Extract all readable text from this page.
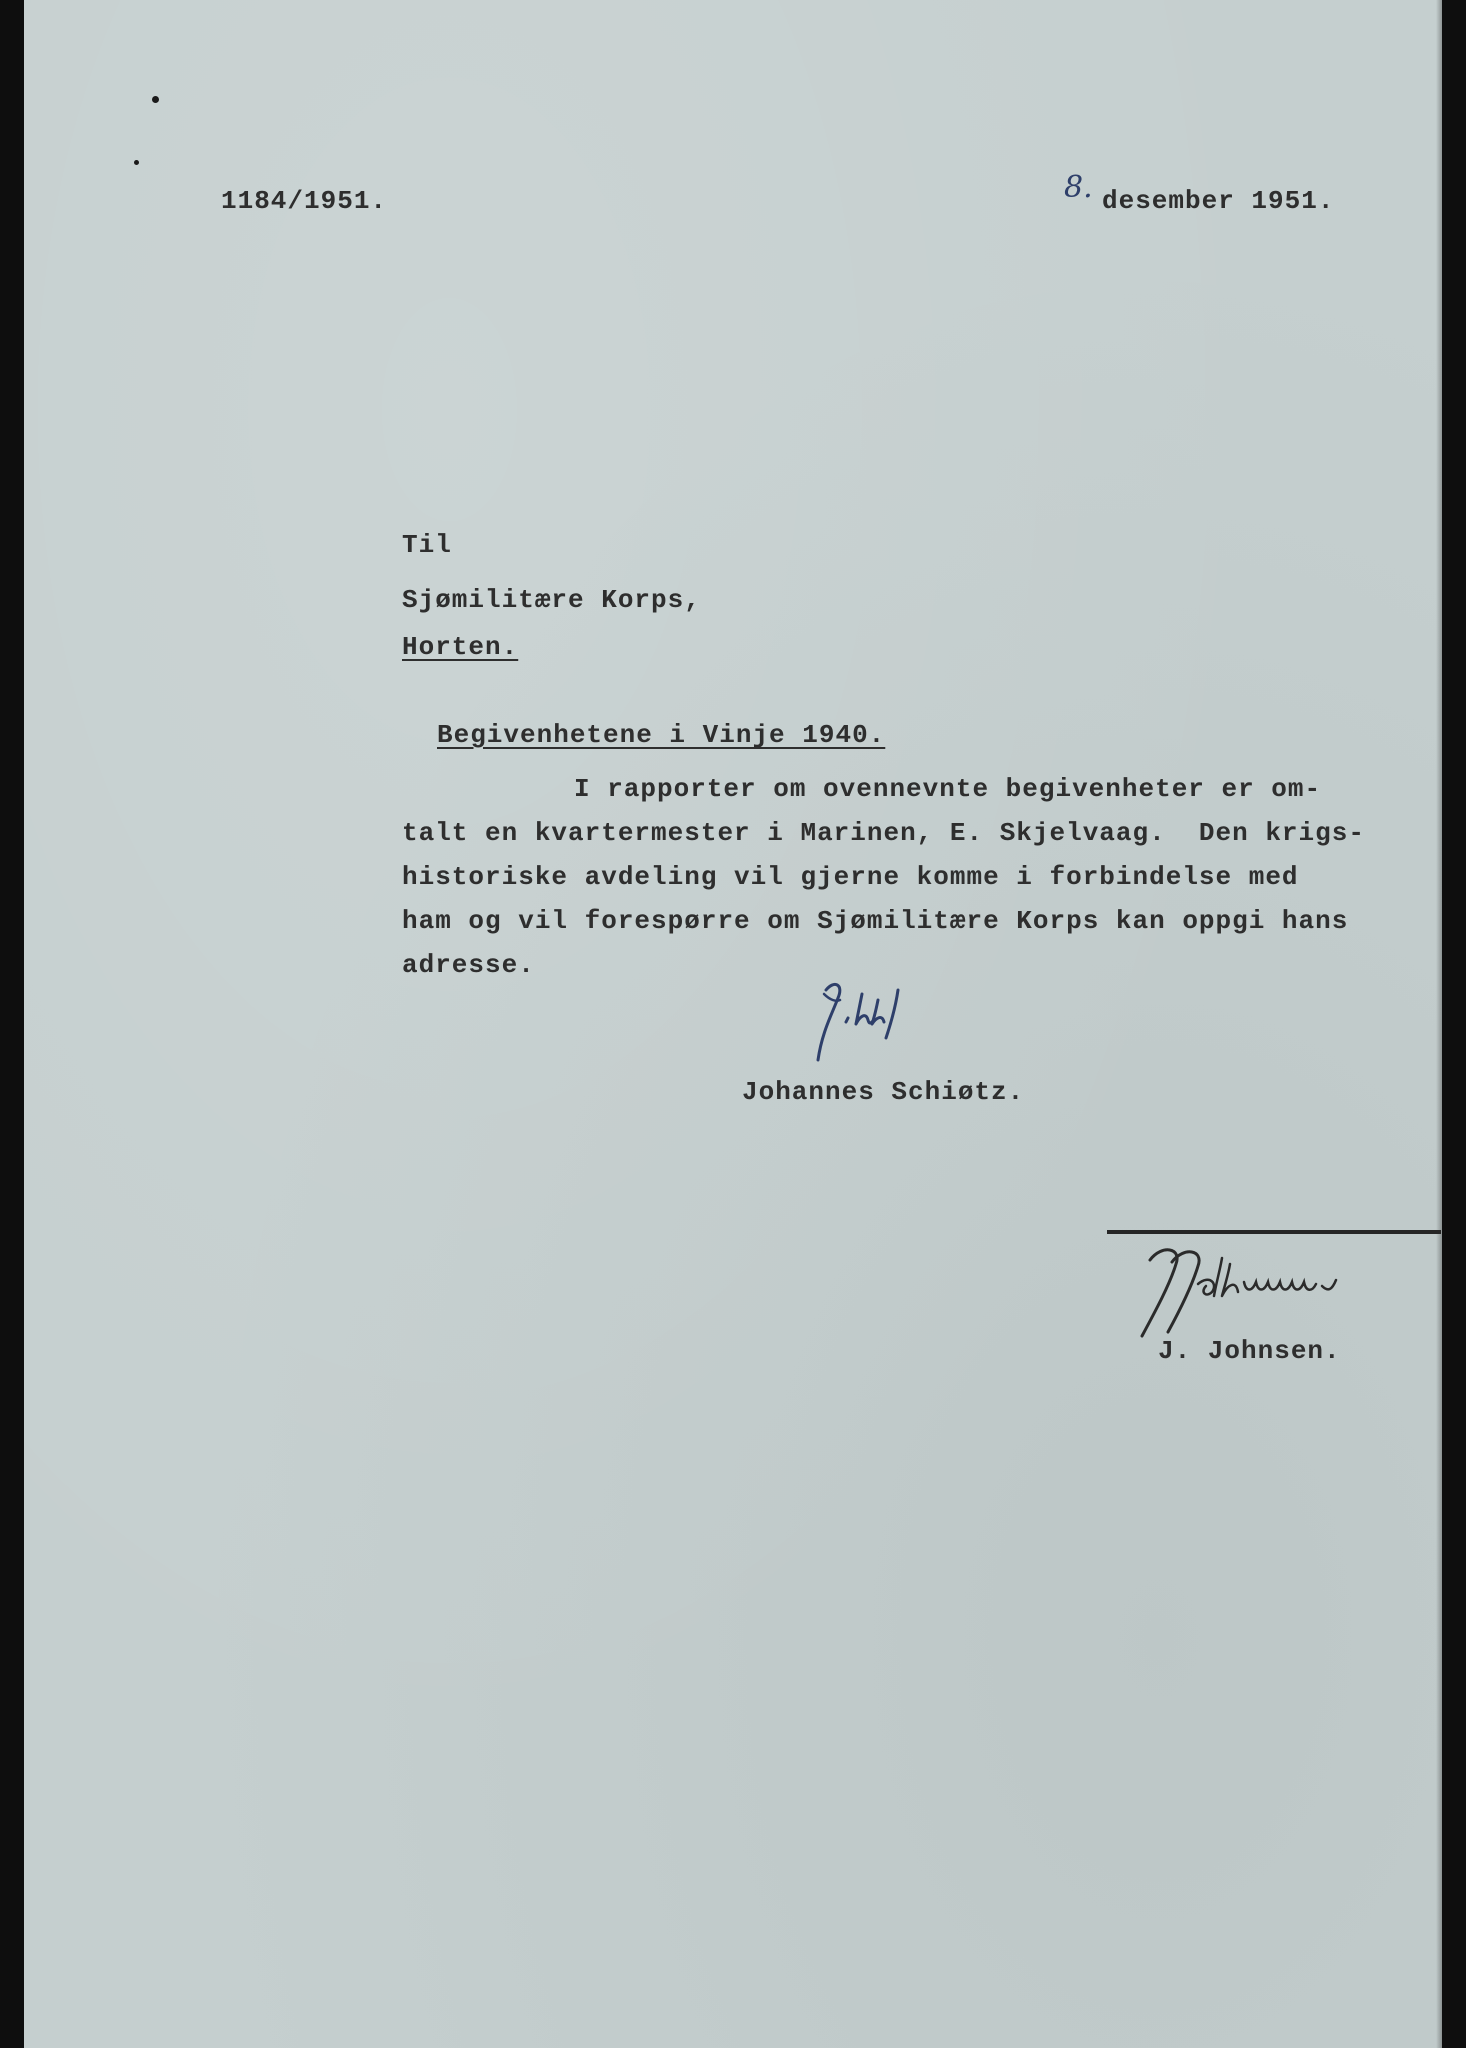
1184/1951.	8. desember 1951.
Til
Sjømilitære Korps,
Horten.
Begivenhetene i Vinje 1940.
I rapporter om ovennevnte begivenheter er om-
talt en kvartermester i Marinen, E. Skjelvaag.  Den krigs-
historiske avdeling vil gjerne komme i forbindelse med
ham og vil forespørre om Sjømilitære Korps kan oppgi hans
adresse.
Johannes Schiøtz.
J. Johnsen.
